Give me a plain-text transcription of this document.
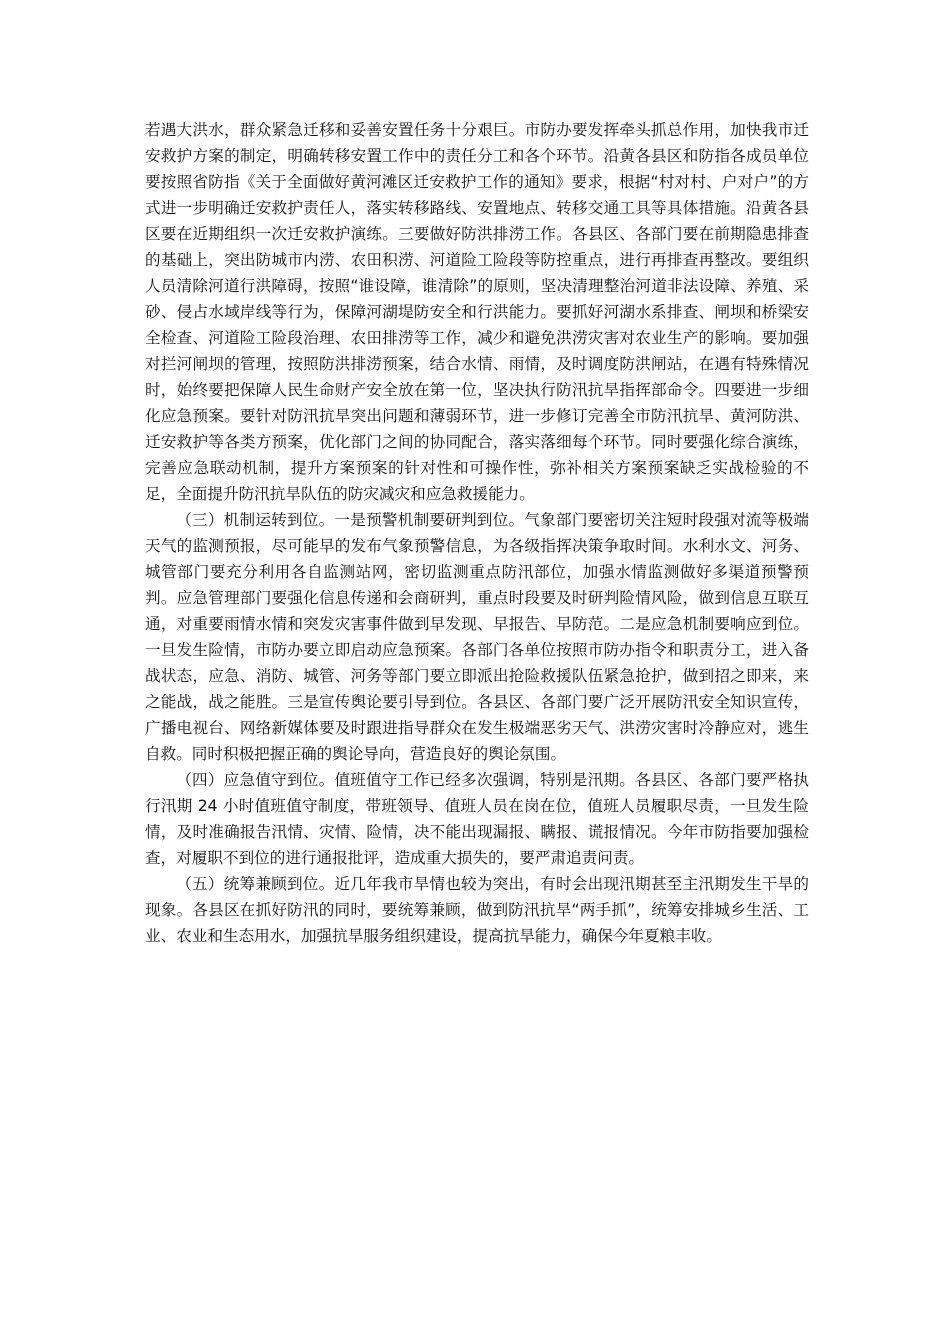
若遇大洪水，群众紧急迁移和妥善安置任务十分艰巨。市防办要发挥牵头抓总作用，加快我市迁安救护方案的制定，明确转移安置工作中的责任分工和各个环节。沿黄各县区和防指各成员单位要按照省防指《关于全面做好黄河滩区迁安救护工作的通知》要求，根据“村对村、户对户”的方式进一步明确迁安救护责任人，落实转移路线、安置地点、转移交通工具等具体措施。沿黄各县区要在近期组织一次迁安救护演练。三要做好防洪排涝工作。各县区、各部门要在前期隐患排查的基础上，突出防城市内涝、农田积涝、河道险工险段等防控重点，进行再排查再整改。要组织人员清除河道行洪障碍，按照“谁设障，谁清除”的原则，坚决清理整治河道非法设障、养殖、采砂、侵占水域岸线等行为，保障河湖堤防安全和行洪能力。要抓好河湖水系排查、闸坝和桥梁安全检查、河道险工险段治理、农田排涝等工作，减少和避免洪涝灾害对农业生产的影响。要加强对拦河闸坝的管理，按照防洪排涝预案，结合水情、雨情，及时调度防洪闸站，在遇有特殊情况时，始终要把保障人民生命财产安全放在第一位，坚决执行防汛抗旱指挥部命令。四要进一步细化应急预案。要针对防汛抗旱突出问题和薄弱环节，进一步修订完善全市防汛抗旱、黄河防洪、迁安救护等各类方预案，优化部门之间的协同配合，落实落细每个环节。同时要强化综合演练，完善应急联动机制，提升方案预案的针对性和可操作性，弥补相关方案预案缺乏实战检验的不足，全面提升防汛抗旱队伍的防灾减灾和应急救援能力。

（三）机制运转到位。一是预警机制要研判到位。气象部门要密切关注短时段强对流等极端天气的监测预报，尽可能早的发布气象预警信息，为各级指挥决策争取时间。水利水文、河务、城管部门要充分利用各自监测站网，密切监测重点防汛部位，加强水情监测做好多渠道预警预判。应急管理部门要强化信息传递和会商研判，重点时段要及时研判险情风险，做到信息互联互通，对重要雨情水情和突发灾害事件做到早发现、早报告、早防范。二是应急机制要响应到位。一旦发生险情，市防办要立即启动应急预案。各部门各单位按照市防办指令和职责分工，进入备战状态，应急、消防、城管、河务等部门要立即派出抢险救援队伍紧急抢护，做到招之即来，来之能战，战之能胜。三是宣传舆论要引导到位。各县区、各部门要广泛开展防汛安全知识宣传，广播电视台、网络新媒体要及时跟进指导群众在发生极端恶劣天气、洪涝灾害时冷静应对，逃生自救。同时积极把握正确的舆论导向，营造良好的舆论氛围。

（四）应急值守到位。值班值守工作已经多次强调，特别是汛期。各县区、各部门要严格执行汛期 24 小时值班值守制度，带班领导、值班人员在岗在位，值班人员履职尽责，一旦发生险情，及时准确报告汛情、灾情、险情，决不能出现漏报、瞒报、谎报情况。今年市防指要加强检查，对履职不到位的进行通报批评，造成重大损失的，要严肃追责问责。

（五）统筹兼顾到位。近几年我市旱情也较为突出，有时会出现汛期甚至主汛期发生干旱的现象。各县区在抓好防汛的同时，要统筹兼顾，做到防汛抗旱“两手抓”，统筹安排城乡生活、工业、农业和生态用水，加强抗旱服务组织建设，提高抗旱能力，确保今年夏粮丰收。
